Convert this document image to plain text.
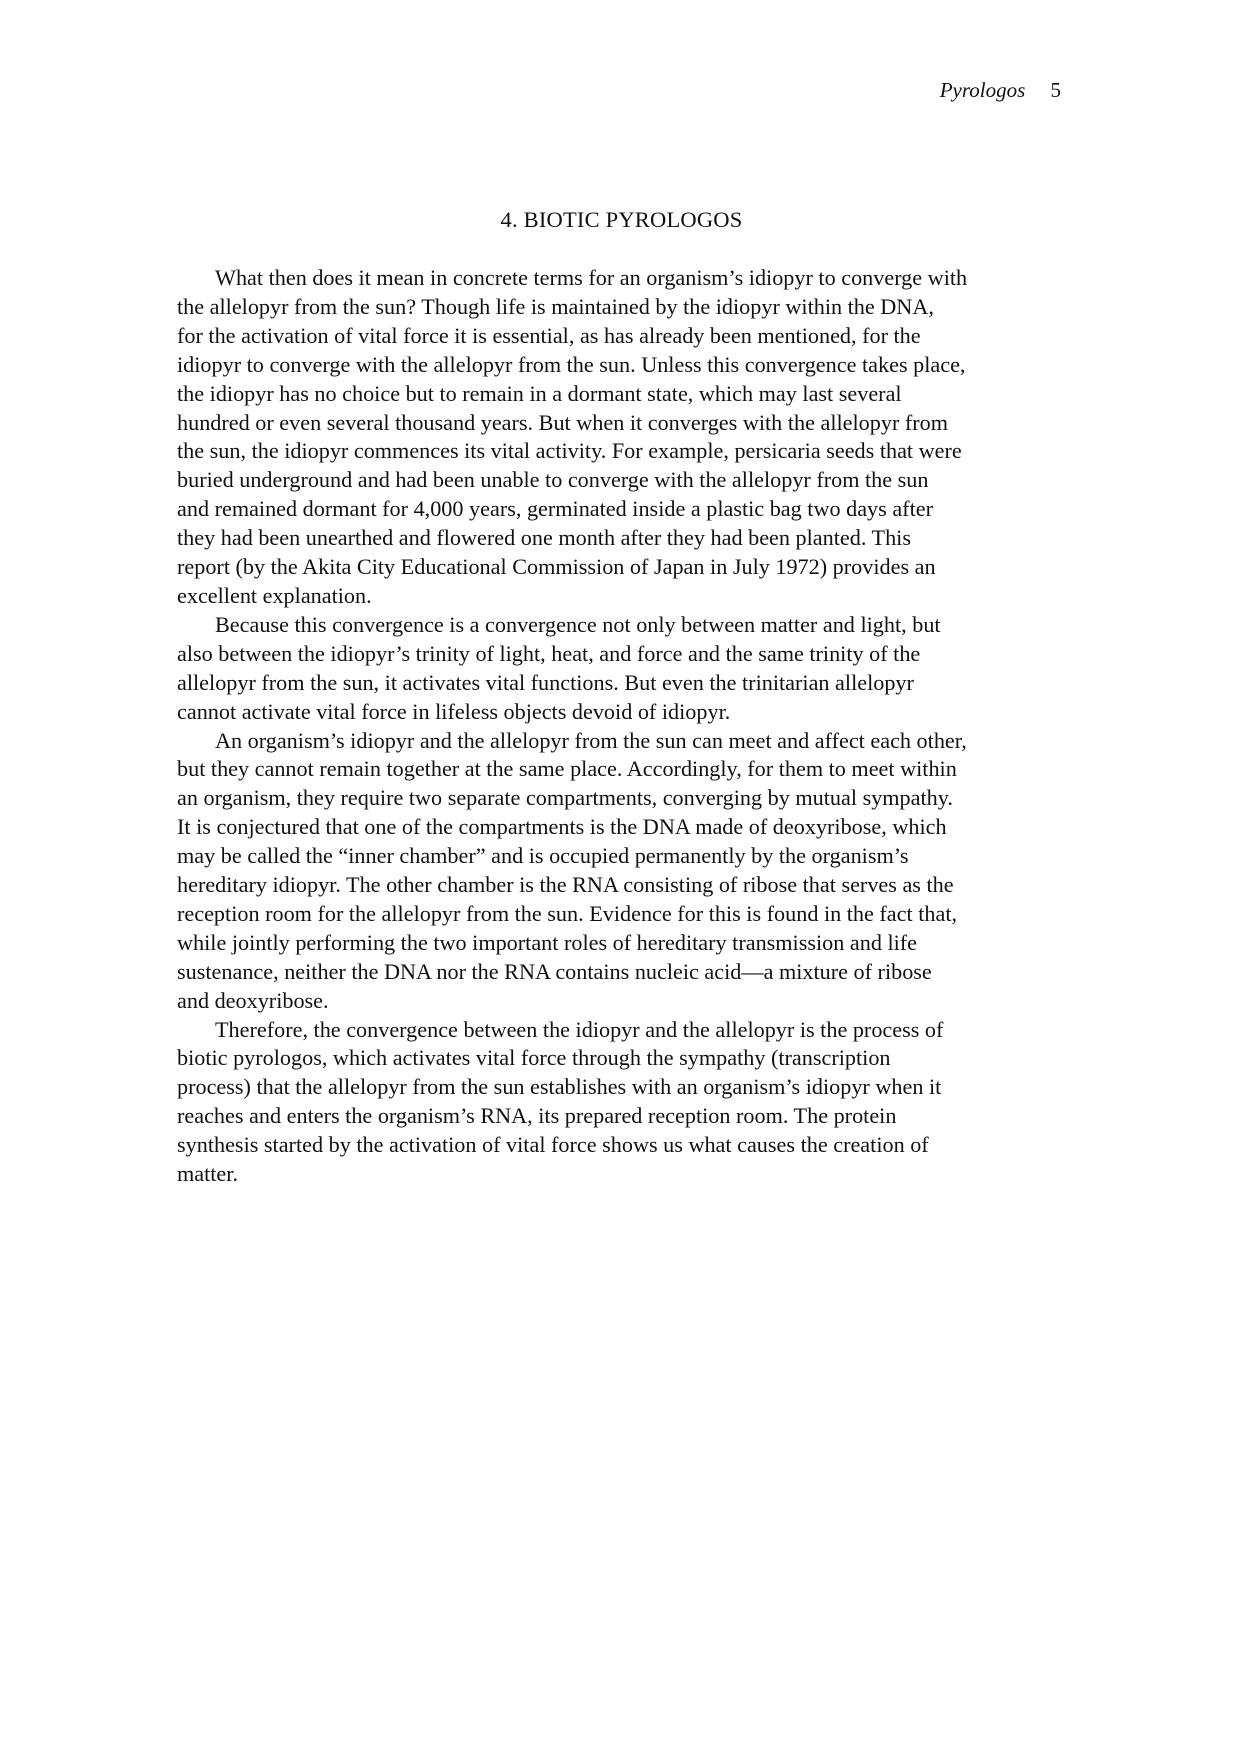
Pyrologos 5
4. BIOTIC PYROLOGOS

What then does it mean in concrete terms for an organism’s idiopyr to converge with
the allelopyr from the sun? Though life is maintained by the idiopyr within the DNA,
for the activation of vital force it is essential, as has already been mentioned, for the
idiopyr to converge with the allelopyr from the sun. Unless this convergence takes place,
the idiopyr has no choice but to remain in a dormant state, which may last several
hundred or even several thousand years. But when it converges with the allelopyr from
the sun, the idiopyr commences its vital activity. For example, persicaria seeds that were
buried underground and had been unable to converge with the allelopyr from the sun
and remained dormant for 4,000 years, germinated inside a plastic bag two days after
they had been unearthed and flowered one month after they had been planted. This
report (by the Akita City Educational Commission of Japan in July 1972) provides an
excellent explanation.

Because this convergence is a convergence not only between matter and light, but
also between the idiopyr’s trinity of light, heat, and force and the same trinity of the
allelopyr from the sun, it activates vital functions. But even the trinitarian allelopyr
cannot activate vital force in lifeless objects devoid of idiopyr.

An organism’s idiopyr and the allelopyr from the sun can meet and affect each other,
but they cannot remain together at the same place. Accordingly, for them to meet within
an organism, they require two separate compartments, converging by mutual sympathy.
It is conjectured that one of the compartments is the DNA made of deoxyribose, which
may be called the “inner chamber” and is occupied permanently by the organism’s
hereditary idiopyr. The other chamber is the RNA consisting of ribose that serves as the
reception room for the allelopyr from the sun. Evidence for this is found in the fact that,
while jointly performing the two important roles of hereditary transmission and life
sustenance, neither the DNA nor the RNA contains nucleic acid—a mixture of ribose
and deoxyribose.

Therefore, the convergence between the idiopyr and the allelopyr is the process of
biotic pyrologos, which activates vital force through the sympathy (transcription
process) that the allelopyr from the sun establishes with an organism’s idiopyr when it
reaches and enters the organism’s RNA, its prepared reception room. The protein
synthesis started by the activation of vital force shows us what causes the creation of
matter.
